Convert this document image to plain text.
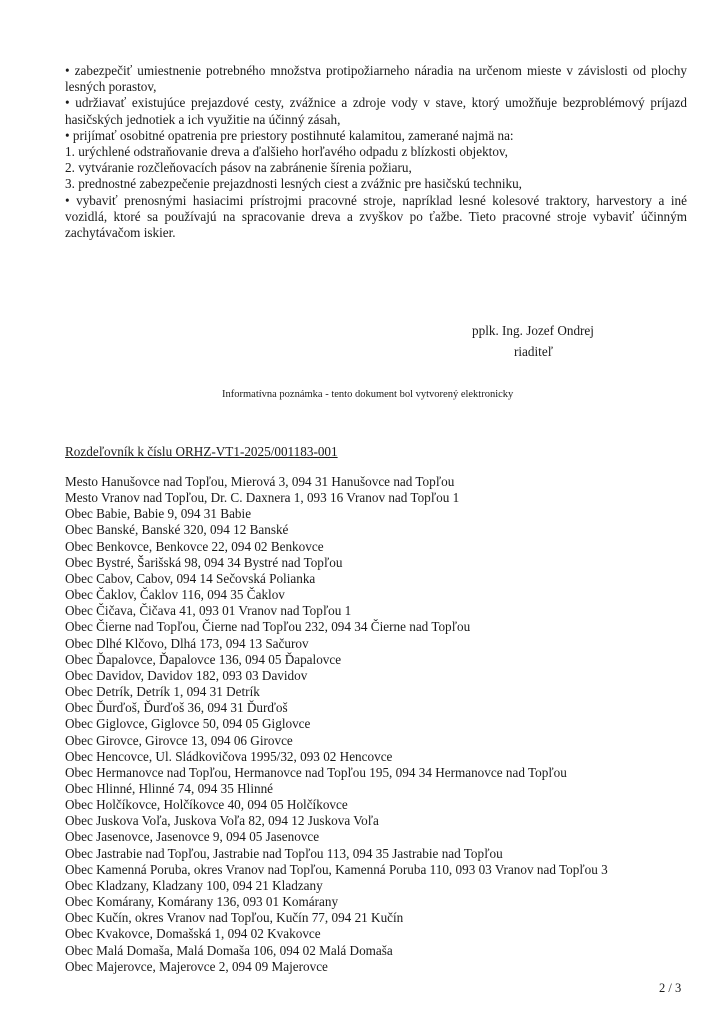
• zabezpečiť umiestnenie potrebného množstva protipožiarneho náradia na určenom mieste v závislosti od plochy lesných porastov,

• udržiavať existujúce prejazdové cesty, zvážnice a zdroje vody v stave, ktorý umožňuje bezproblémový príjazd hasičských jednotiek a ich využitie na účinný zásah,

• prijímať osobitné opatrenia pre priestory postihnuté kalamitou, zamerané najmä na:

1. urýchlené odstraňovanie dreva a ďalšieho horľavého odpadu z blízkosti objektov,

2. vytváranie rozčleňovacích pásov na zabránenie šírenia požiaru,

3. prednostné zabezpečenie prejazdnosti lesných ciest a zvážnic pre hasičskú techniku,

• vybaviť prenosnými hasiacimi prístrojmi pracovné stroje, napríklad lesné kolesové traktory, harvestory a iné vozidlá, ktoré sa používajú na spracovanie dreva a zvyškov po ťažbe. Tieto pracovné stroje vybaviť účinným zachytávačom iskier.

pplk. Ing. Jozef Ondrej
riaditeľ
Informatívna poznámka - tento dokument bol vytvorený elektronicky
Rozdeľovník k číslu ORHZ-VT1-2025/001183-001
Mesto Hanušovce nad Topľou, Mierová 3, 094 31 Hanušovce nad Topľou
Mesto Vranov nad Topľou, Dr. C. Daxnera 1, 093 16 Vranov nad Topľou 1
Obec Babie, Babie 9, 094 31 Babie
Obec Banské, Banské 320, 094 12 Banské
Obec Benkovce, Benkovce 22, 094 02 Benkovce
Obec Bystré, Šarišská 98, 094 34 Bystré nad Topľou
Obec Cabov, Cabov, 094 14 Sečovská Polianka
Obec Čaklov, Čaklov 116, 094 35 Čaklov
Obec Čičava, Čičava 41, 093 01 Vranov nad Topľou 1
Obec Čierne nad Topľou, Čierne nad Topľou 232, 094 34 Čierne nad Topľou
Obec Dlhé Klčovo, Dlhá 173, 094 13 Sačurov
Obec Ďapalovce, Ďapalovce 136, 094 05 Ďapalovce
Obec Davidov, Davidov 182, 093 03 Davidov
Obec Detrík, Detrík 1, 094 31 Detrík
Obec Ďurďoš, Ďurďoš 36, 094 31 Ďurďoš
Obec Giglovce, Giglovce 50, 094 05 Giglovce
Obec Girovce, Girovce 13, 094 06 Girovce
Obec Hencovce, Ul. Sládkovičova 1995/32, 093 02 Hencovce
Obec Hermanovce nad Topľou, Hermanovce nad Topľou 195, 094 34 Hermanovce nad Topľou
Obec Hlinné, Hlinné 74, 094 35 Hlinné
Obec Holčíkovce, Holčíkovce 40, 094 05 Holčíkovce
Obec Juskova Voľa, Juskova Voľa 82, 094 12 Juskova Voľa
Obec Jasenovce, Jasenovce 9, 094 05 Jasenovce
Obec Jastrabie nad Topľou, Jastrabie nad Topľou 113, 094 35 Jastrabie nad Topľou
Obec Kamenná Poruba, okres Vranov nad Topľou, Kamenná Poruba 110, 093 03 Vranov nad Topľou 3
Obec Kladzany, Kladzany 100, 094 21 Kladzany
Obec Komárany, Komárany 136, 093 01 Komárany
Obec Kučín, okres Vranov nad Topľou, Kučín 77, 094 21 Kučín
Obec Kvakovce, Domašská 1, 094 02 Kvakovce
Obec Malá Domaša, Malá Domaša 106, 094 02 Malá Domaša
Obec Majerovce, Majerovce 2, 094 09 Majerovce
2 / 3
